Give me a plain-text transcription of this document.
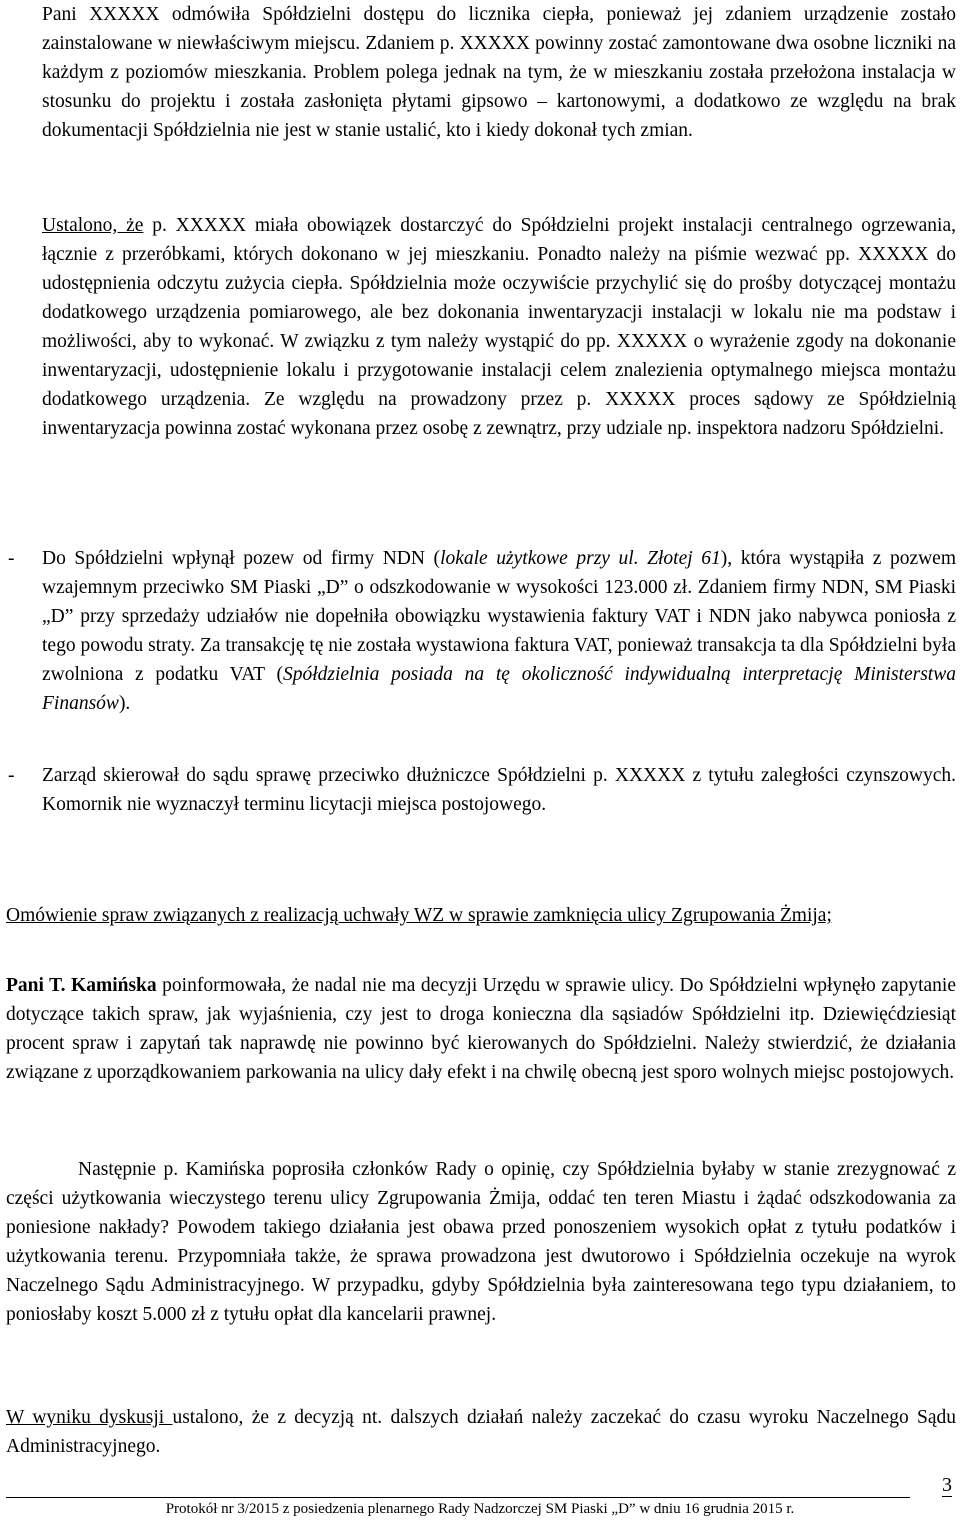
Pani XXXXX odmówiła Spółdzielni dostępu do licznika ciepła, ponieważ jej zdaniem urządzenie zostało zainstalowane w niewłaściwym miejscu. Zdaniem p. XXXXX powinny zostać zamontowane dwa osobne liczniki na każdym z poziomów mieszkania. Problem polega jednak na tym, że w mieszkaniu została przełożona instalacja w stosunku do projektu i została zasłonięta płytami gipsowo – kartonowymi, a dodatkowo ze względu na brak dokumentacji Spółdzielnia nie jest w stanie ustalić, kto i kiedy dokonał tych zmian.

Ustalono, że p. XXXXX miała obowiązek dostarczyć do Spółdzielni projekt instalacji centralnego ogrzewania, łącznie z przeróbkami, których dokonano w jej mieszkaniu. Ponadto należy na piśmie wezwać pp. XXXXX do udostępnienia odczytu zużycia ciepła. Spółdzielnia może oczywiście przychylić się do prośby dotyczącej montażu dodatkowego urządzenia pomiarowego, ale bez dokonania inwentaryzacji instalacji w lokalu nie ma podstaw i możliwości, aby to wykonać. W związku z tym należy wystąpić do pp. XXXXX o wyrażenie zgody na dokonanie inwentaryzacji, udostępnienie lokalu i przygotowanie instalacji celem znalezienia optymalnego miejsca montażu dodatkowego urządzenia. Ze względu na prowadzony przez p. XXXXX proces sądowy ze Spółdzielnią inwentaryzacja powinna zostać wykonana przez osobę z zewnątrz, przy udziale np. inspektora nadzoru Spółdzielni.

- Do Spółdzielni wpłynął pozew od firmy NDN (lokale użytkowe przy ul. Złotej 61), która wystąpiła z pozwem wzajemnym przeciwko SM Piaski „D” o odszkodowanie w wysokości 123.000 zł. Zdaniem firmy NDN, SM Piaski „D” przy sprzedaży udziałów nie dopełniła obowiązku wystawienia faktury VAT i NDN jako nabywca poniosła z tego powodu straty. Za transakcję tę nie została wystawiona faktura VAT, ponieważ transakcja ta dla Spółdzielni była zwolniona z podatku VAT (Spółdzielnia posiada na tę okoliczność indywidualną interpretację Ministerstwa Finansów).

- Zarząd skierował do sądu sprawę przeciwko dłużniczce Spółdzielni p. XXXXX z tytułu zaległości czynszowych. Komornik nie wyznaczył terminu licytacji miejsca postojowego.

Omówienie spraw związanych z realizacją uchwały WZ w sprawie zamknięcia ulicy Zgrupowania Żmija;

Pani T. Kamińska poinformowała, że nadal nie ma decyzji Urzędu w sprawie ulicy. Do Spółdzielni wpłynęło zapytanie dotyczące takich spraw, jak wyjaśnienia, czy jest to droga konieczna dla sąsiadów Spółdzielni itp. Dziewięćdziesiąt procent spraw i zapytań tak naprawdę nie powinno być kierowanych do Spółdzielni. Należy stwierdzić, że działania związane z uporządkowaniem parkowania na ulicy dały efekt i na chwilę obecną jest sporo wolnych miejsc postojowych.

Następnie p. Kamińska poprosiła członków Rady o opinię, czy Spółdzielnia byłaby w stanie zrezygnować z części użytkowania wieczystego terenu ulicy Zgrupowania Żmija, oddać ten teren Miastu i żądać odszkodowania za poniesione nakłady? Powodem takiego działania jest obawa przed ponoszeniem wysokich opłat z tytułu podatków i użytkowania terenu. Przypomniała także, że sprawa prowadzona jest dwutorowo i Spółdzielnia oczekuje na wyrok Naczelnego Sądu Administracyjnego. W przypadku, gdyby Spółdzielnia była zainteresowana tego typu działaniem, to poniosłaby koszt 5.000 zł z tytułu opłat dla kancelarii prawnej.

W wyniku dyskusji ustalono, że z decyzją nt. dalszych działań należy zaczekać do czasu wyroku Naczelnego Sądu Administracyjnego.

Protokół nr 3/2015 z posiedzenia plenarnego Rady Nadzorczej SM Piaski „D” w dniu 16 grudnia 2015 r.
3
